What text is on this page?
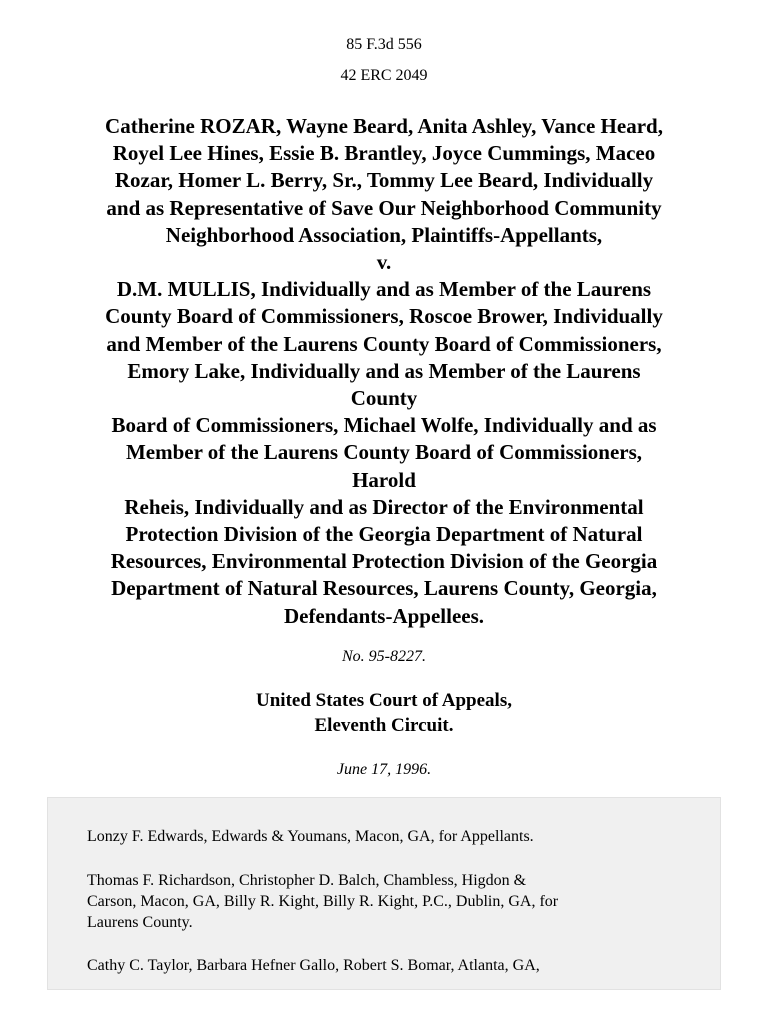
85 F.3d 556
42 ERC 2049
Catherine ROZAR, Wayne Beard, Anita Ashley, Vance Heard,
Royel Lee Hines, Essie B. Brantley, Joyce Cummings, Maceo
Rozar, Homer L. Berry, Sr., Tommy Lee Beard, Individually
and as Representative of Save Our Neighborhood Community
Neighborhood Association, Plaintiffs-Appellants,
v.
D.M. MULLIS, Individually and as Member of the Laurens
County Board of Commissioners, Roscoe Brower, Individually
and Member of the Laurens County Board of Commissioners,
Emory Lake, Individually and as Member of the Laurens
County
Board of Commissioners, Michael Wolfe, Individually and as
Member of the Laurens County Board of Commissioners,
Harold
Reheis, Individually and as Director of the Environmental
Protection Division of the Georgia Department of Natural
Resources, Environmental Protection Division of the Georgia
Department of Natural Resources, Laurens County, Georgia,
Defendants-Appellees.
No. 95-8227.
United States Court of Appeals,
Eleventh Circuit.
June 17, 1996.
Lonzy F. Edwards, Edwards & Youmans, Macon, GA, for Appellants.
Thomas F. Richardson, Christopher D. Balch, Chambless, Higdon &
Carson, Macon, GA, Billy R. Kight, Billy R. Kight, P.C., Dublin, GA, for
Laurens County.
Cathy C. Taylor, Barbara Hefner Gallo, Robert S. Bomar, Atlanta, GA,
